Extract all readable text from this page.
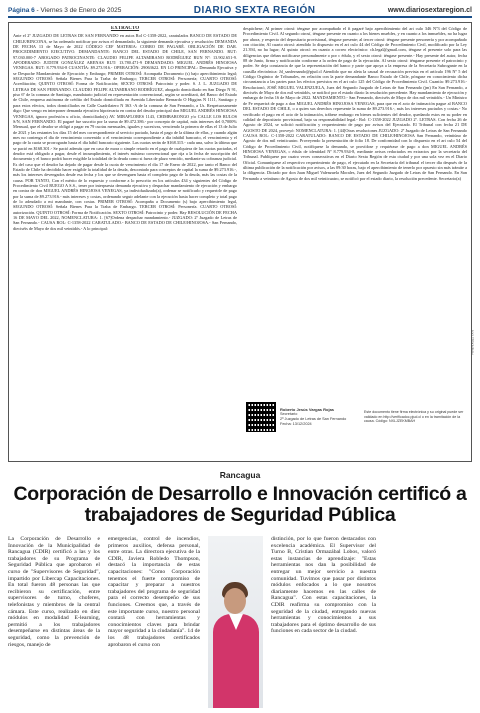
Página 6 - Viernes 3 de Enero de 2025	DIARIO SEXTA REGIÓN	www.diariosextaregion.cl
EXTRACTO
Ante el 2º JUZGADO DE LETRAS DE SAN FERNANDO en autos Rol C-1358-2022, caratulados BANCO DE ESTADO DE CHILE/RINCONA, se ha ordenado notificar por avisos el demandado, la siguiente demanda ejecutiva y resolución: DEMANDA DE FECHA 13 de Mayo de 2022 CÓDIGO CEF MATERIA: COBRO DE PAGARÉ. OBLIGACIÓN DE DAR. PROCEDIMIENTO EJECUTIVO. DEMANDANTE: BANCO DEL ESTADO DE CHILE, SAN FERNANDO. RUT: 97.030.000-7 ABOGADO PATROCINANTE: CLAUDIO FELIPE ALTAMIRANO RODRÍGUEZ RUN Nº: 13.902.651-9. APODERADO: JUDITH GONZÁLEZ ARENAS RUT: 13.780.471-9 DEMANDADO: MIGUEL ANDRÉS HINOJOSA VENEGAS. RUT: 8.779.934-8 CUANTÍA: $9.273.916.- OPERACIÓN: 29063622. EN LO PRINCIPAL: Demanda Ejecutiva y se Despache Mandamiento de Ejecución y Embargo; PRIMER OTROSÍ: Acompaña Documento (s) bajo apercibimiento legal; SEGUNDO OTROSÍ: Señala Bienes Para la Traba de Embargo; TERCER OTROSÍ: Personería; CUARTO OTROSÍ: Acreditación; QUINTO OTROSÍ: Forma de Notificación; SEXTO OTROSÍ: Patrocinio y poder. S. J. L. JUZGADO DE LETRAS DE SAN FERNANDO. CLAUDIO FELIPE ALTAMIRANO RODRÍGUEZ, abogado domiciliado en San Diego N 91, piso 6º de la comuna de Santiago, mandatario judicial en representación convencional, según se acreditará, del Banco del Estado de Chile, empresa autónoma de crédito del Estado domiciliada en Avenida Libertador Bernardo O Higgins N 1111, Santiago y para estos efectos, todos domiciliados en Calle Cuadrilatero N 363 -A de la comuna de San Fernando, a Us. Respetuosamente digo: Que vengo en interponer demanda ejecutiva hipotecaria en contra del deudor principal don MIGUEL ANDRÉS HINOJOSA VENEGAS, ignoro profesión u oficio, domiciliado(s) AV. MIRAFLORES 1143, CHIMBARONGO y/o CALLE LOS RULOS S/N, SAN FERNANDO. El pagaré fue suscrito por la suma de $9.472.386.- por concepto de capital, más intereses del 0,7000% Mensual, que el deudor se obligó a pagar en 79 cuotas mensuales, iguales y sucesivas, venciendo la primera de ellas el 13 de Julio de 2021 y las restantes los días 15 del mes correspondiente al servicio pactado, hasta el pago de la última de ellas, y cuando algún mes no contenga el día de vencimiento convenido o el vencimiento correspondiente a día inhábil bancario, el vencimiento y el pago de la cuota se prorrogarán hasta el día hábil bancario siguiente. Las cuotas serán de $168.315.- cada una, salvo la última que se pactó en $168.301.- Se pactó además que en caso de mora o simple retardo en el pago de cualquiera de las cuotas pactadas, el deudor está obligado a pagar, desde el incumplimiento, el interés máximo convencional que rija a la fecha de suscripción del documento y el banco podrá hacer exigible la totalidad de la deuda como si fuera de plazo vencido, mediante su cobranza judicial. Es del caso que el deudor ha dejado de pagar desde la cuota de vencimiento el día 17 de Enero de 2022, por tanto el Banco del Estado de Chile ha decidido hacer exigible la totalidad de la deuda, descontado para conceptos de capital la suma de $9.273.916.-, más los intereses devengados desde esa fecha y los que se devenguen hasta el completo pago de la deuda, más las costas de la causa. POR TANTO, Con el mérito de lo expuesto y conforme a lo prescrito en los artículos 434 y siguientes del Código de Procedimiento Civil RUEGO A S.S., tener por interpuesta demanda ejecutiva y despachar mandamiento de ejecución y embargo en contra de don MIGUEL ANDRÉS HINOJOSA VENEGAS, ya individualizado(a), ordenar se notificarlo y requerirle de pago por la suma de $9.273.916.- más intereses y costas, ordenando seguir adelante con la ejecución hasta hacer completo y total pago de lo adeudado a mi mandante, con costas. PRIMER OTROSÍ: Acompaña a Documento (s) bajo apercibimiento legal, SEGUNDO OTROSÍ: Señala Bienes Para la Traba de Embargo. TERCER OTROSÍ: Personería. CUARTO OTROSÍ: autorización. QUINTO OTROSÍ: Forma de Notificación. SEXTO OTROSÍ: Patrocinio y poder. Hay RESOLUCIÓN DE FECHA 16 DE MAYO DEL 2022, NOMENCLATURA: 1. [67]Ordena despachar mandamiento.- JUZGADO: 2º Juzgado de Letras de San Fernando.- CAUSA ROL: C-1358-2022 CARATULADO.- BANCO DE ESTADO DE CHILE/HINOJOSA.- San Fernando, dieciséis de Mayo de dos mil veintidós.- A lo principal:
despáchese; Al primer otrosí: téngase por acompañado el ft pagaré bajo apercibimiento del art culo 346 Nº3 del Código de Procedimiento Civil. Al segundo otrosí, téngase presente en cuanto a los bienes muebles, y en cuanto a los inmuebles, no ha lugar por ahora, y respecto del depositario provisional, téngase presente; al tercer otrosí: téngase presente personería y por acompañado con citación; Al cuarto otrosí: atendido lo dispuesto en el art culo 44 del Código de Procedimiento Civil, modificado por la Ley 21.394, no ha lugar; Al quinto otrosí: en cuanto a correo electrónico: ch.legal@gmail.com, téngase el presente solo para las diligencias que deban notificarse personalmente o por c édula, y el sexto otrosí: téngase presente.- Hay presente del autor, fecha 08 de Junio, firma y notificación conforme a la orden de pago de la ejecución. Al sexto otrosí: ténganse presente el patrocinio y poder. Se deja constancia de que la representación del banco y parte que apoya a la empresa de la Secretaría Subrogante en la causilla electrónica: Jd_sanfernando@pjud.cl Atendido que no aleta la causal de recusación prevista en el artículo 196 Nº 5 del Código Orgánico de Tribunales, en relación con la parte demandante Banco Estado de Chile, póngase en conocimiento dicha circunstancia a las partes para los efectos previstos en el art culo 125 del Código de Procedimiento Civil. Cuantía: $9.273.916.- Resolucionó, JOSÉ MIGUEL VALENZUELA, Juez del Segundo Juzgado de Letras de San Fernando (jm) En San Fernando, a dieciséis de Mayo de dos mil veintidós, se notificó por el estado diario la resolución precedente. Hay mandamiento de ejecución y embargo de fecha 16 de Mayo de 2022. MANDAMIENTO.- San Fernando, dieciséis de Mayo de dos mil veintidós.- Un Ministro de Fe requerirá de pago a don MIGUEL ANDRÉS HINOJOSA VENEGAS, para que en el acto de intimación pague al BANCO DEL ESTADO DE CHILE, o a quien sus derechos represente la suma de $9.273.916.-, más los intereses pactados y costas.- No verificado el pago en el acto de la intimación, trábese embargo en bienes suficientes del deudor, quedando estos en su poder en calidad de depositario provisional, bajo su responsabilidad legal.- Rol: C-1358-2022 JUZGADO 2º. LETRAS. Con fecha 26 de Agosto de 2024, se solicitó notificación y requerimiento de pago por avisos del Ejecutado. El Tribunal con fecha 21 DE AGOSTO DE 2024, proveyó: NOMENCLATURA: 1. [44]Otras resoluciones JUZGADO: 2º Juzgado de Letras de San Fernando CAUSA ROL: C-1358-2022 CARATULADO: BANCO DE ESTADO DE CHILE/HINOJOSA San Fernando, veintiúno de Agosto de dos mil veinticuatro. Proveyendo la presentación de folio 18. De conformidad con lo dispuesto en el art culo 54 del Código de Procedimiento Civil, notifíquese la demanda, se provídose y requiérase de pago a don MIGUEL ANDRÉS HINOJOSA VENEGAS, c édula de identidad Nº 8.779.934-8, mediante avisos redactados en extractos por la secretaría del Tribunal. Publíquese por cuatro veces consecutivas en el Diario Sexta Región de esta ciudad y por una sola vez en el Diario Oficial. Comuníquese al respectivo requerimiento de pago, el ejecutado en la Secretaría del tribunal el tercer día después de la última publicación de la notificación por avisos, a las 09:30 horas, bajo el apercibimiento de tenerlo por opuesto sin más trámite a la diligencia. Dictado por don Juan Miguel Valenzuela Morales, Juez del Segundo Juzgado de Letras de San Fernando. En San Fernando a veintiuno de Agosto de dos mil veinticuatro, se notificó por el estado diario, la resolución precedente. Secretario(a)
Roberto Jesús Vargas Rojas
Secretario
2º Juzgado de Letras de San Fernando
Fecha: 13/12/2024
Este documento tiene firma electrónica y su original puede ser validado en http://verificadoc.pjud.cl o en la tramitación de la causa. Código: NXLJZEKMBAH
NXLJZEKMBAH
Rancagua
Corporación de Desarrollo e Innovación certificó a trabajadores de Seguridad Pública
La Corporación de Desarrollo e Innovación de la Municipalidad de Rancagua (CDIR) certificó a las y los trabajadores de su Programa de Seguridad Pública que aprobaron el curso de "Supervisores de Seguridad", impartido por Libercap Capacitaciones. En total fueron 48 personas las que recibieron su certificación, entre supervisores de turno, choferes, telefonistas y miembros de la central cámara. Este curso, realizado en diez módulos en modalidad E-learning, permitió a los trabajadores desempeñarse en distintas áreas de la seguridad, como la prevención de riesgos, manejo de
emergencias, control de incendios, primeros auxilios, defensa personal, entre otras. La directora ejecutiva de la CDIR, Javiera Robledo Thompson, destacó la importancia de estas capacitaciones: "Como Corporación tenemos el fuerte compromiso de capacitar y preparar a nuestros trabajadores del programa de seguridad para el correcto desempeño de sus funciones. Creemos que, a través de este importante curso, nuestro personal contará con herramientas y conocimientos claves para brindar mayor seguridad a la ciudadanía". 14 de los 48 trabajadores certificados aprobaron el curso con
distinción, por lo que fueron destacados con excelencia académica. El Supervisor del Turno B, Cristian Ormazábal Lobos, valoró estas instancias de aprendizaje: "Estas herramientas nos dan la posibilidad de entregar un mejor servicio a nuestra comunidad. Tuvimos que pasar por distintos módulos enfocados a lo que nosotros diariamente hacemos en las calles de Rancagua". Con estas capacitaciones, la CDIR reafirma su compromiso con la seguridad de la ciudad, entregando nuevas herramientas y conocimientos a sus trabajadores para el óptimo desarrollo de sus funciones en cada sector de la ciudad.
